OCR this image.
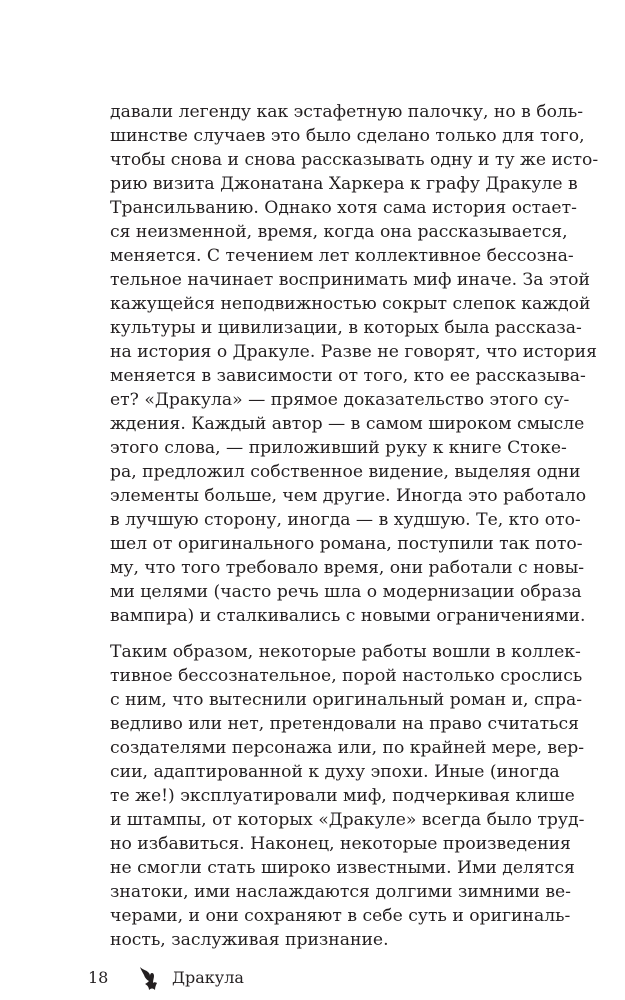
давали легенду как эстафетную палочку, но в боль-
шинстве случаев это было сделано только для того,
чтобы снова и снова рассказывать одну и ту же исто-
рию визита Джонатана Харкера к графу Дракуле в
Трансильванию. Однако хотя сама история остает-
ся неизменной, время, когда она рассказывается,
меняется. С течением лет коллективное бессозна-
тельное начинает воспринимать миф иначе. За этой
кажущейся неподвижностью сокрыт слепок каждой
культуры и цивилизации, в которых была рассказа-
на история о Дракуле. Разве не говорят, что история
меняется в зависимости от того, кто ее рассказыва-
ет? «Дракула» — прямое доказательство этого су-
ждения. Каждый автор — в самом широком смысле
этого слова, — приложивший руку к книге Стоке-
ра, предложил собственное видение, выделяя одни
элементы больше, чем другие. Иногда это работало
в лучшую сторону, иногда — в худшую. Те, кто ото-
шел от оригинального романа, поступили так пото-
му, что того требовало время, они работали с новы-
ми целями (часто речь шла о модернизации образа
вампира) и сталкивались с новыми ограничениями.
Таким образом, некоторые работы вошли в коллек-
тивное бессознательное, порой настолько срослись
с ним, что вытеснили оригинальный роман и, спра-
ведливо или нет, претендовали на право считаться
создателями персонажа или, по крайней мере, вер-
сии, адаптированной к духу эпохи. Иные (иногда
те же!) эксплуатировали миф, подчеркивая клише
и штампы, от которых «Дракуле» всегда было труд-
но избавиться. Наконец, некоторые произведения
не смогли стать широко известными. Ими делятся
знатоки, ими наслаждаются долгими зимними ве-
черами, и они сохраняют в себе суть и оригиналь-
ность, заслуживая признание.
18	Дракула
